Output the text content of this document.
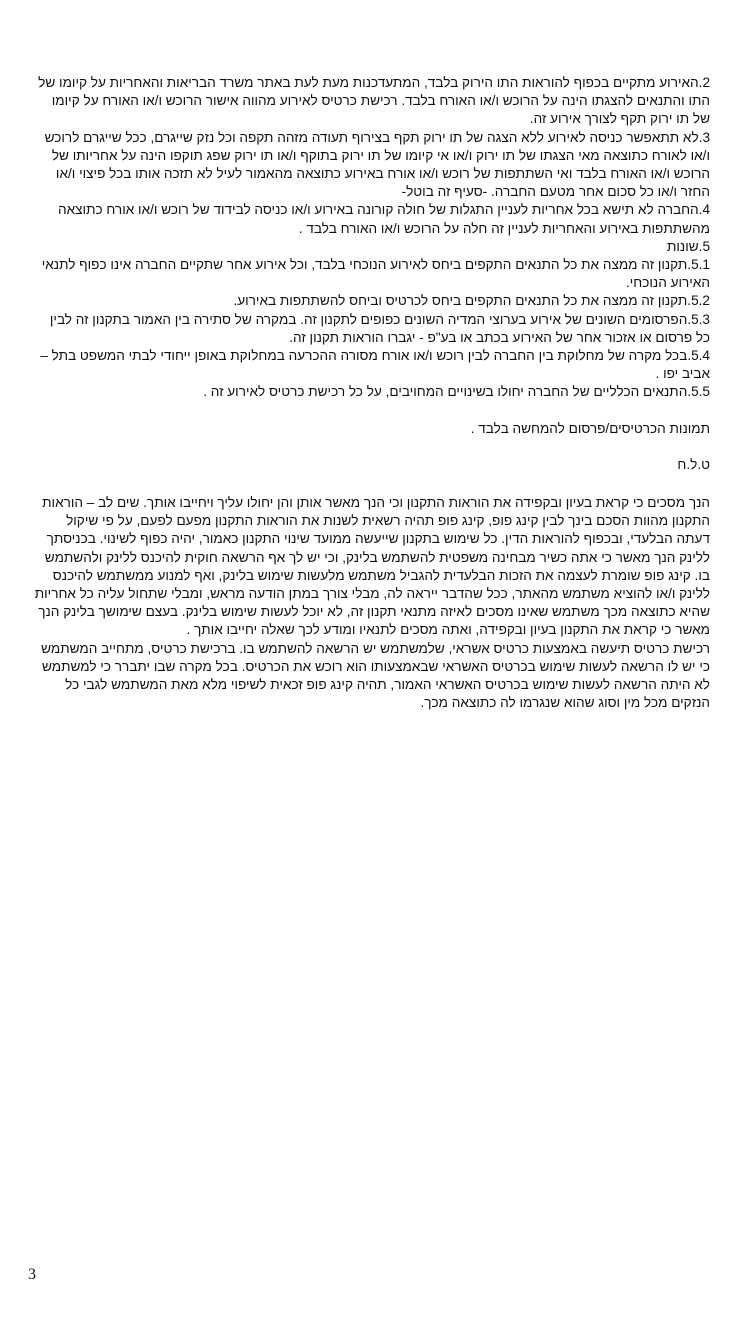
2.האירוע מתקיים בכפוף להוראות התו הירוק בלבד, המתעדכנות מעת לעת באתר משרד הבריאות והאחריות על קיומו של התו והתנאים להצגתו הינה על הרוכש ו/או האורח בלבד. רכישת כרטיס לאירוע מהווה אישור הרוכש ו/או האורח על קיומו של תו ירוק תקף לצורך אירוע זה.

3.לא תתאפשר כניסה לאירוע ללא הצגה של תו ירוק תקף בצירוף תעודה מזהה תקפה וכל נזק שייגרם, ככל שייגרם לרוכש ו/או לאורח כתוצאה מאי הצגתו של תו ירוק ו/או אי קיומו של תו ירוק בתוקף ו/או תו ירוק שפג תוקפו הינה על אחריותו של הרוכש ו/או האורח בלבד ואי השתתפות של רוכש ו/או אורח באירוע כתוצאה מהאמור לעיל לא תזכה אותו בכל פיצוי ו/או החזר ו/או כל סכום אחר מטעם החברה. -סעיף זה בוטל-

4.החברה לא תישא בכל אחריות לעניין התגלות של חולה קורונה באירוע ו/או כניסה לבידוד של רוכש ו/או אורח כתוצאה מהשתתפות באירוע והאחריות לעניין זה חלה על הרוכש ו/או האורח בלבד .

5.שונות

5.1.תקנון זה ממצה את כל התנאים התקפים ביחס לאירוע הנוכחי בלבד, וכל אירוע אחר שתקיים החברה אינו כפוף לתנאי האירוע הנוכחי.

5.2.תקנון זה ממצה את כל התנאים התקפים ביחס לכרטיס וביחס להשתתפות באירוע.

5.3.הפרסומים השונים של אירוע בערוצי המדיה השונים כפופים לתקנון זה. במקרה של סתירה בין האמור בתקנון זה לבין כל פרסום או אזכור אחר של האירוע בכתב או בע"פ - יגברו הוראות תקנון זה.

5.4.בכל מקרה של מחלוקת בין החברה לבין רוכש ו/או אורח מסורה ההכרעה במחלוקת באופן ייחודי לבתי המשפט בתל –אביב יפו .

5.5.התנאים הכלליים של החברה יחולו בשינויים המחויבים, על כל רכישת כרטיס לאירוע זה .

תמונות הכרטיסים/פרסום להמחשה בלבד .

ט.ל.ח

הנך מסכים כי קראת בעיון ובקפידה את הוראות התקנון וכי הנך מאשר אותן והן יחולו עליך ויחייבו אותך. שים לב – הוראות התקנון מהוות הסכם בינך לבין קינג פופ, קינג פופ תהיה רשאית לשנות את הוראות התקנון מפעם לפעם, על פי שיקול דעתה הבלעדי, ובכפוף להוראות הדין. כל שימוש בתקנון שייעשה ממועד שינוי התקנון כאמור, יהיה כפוף לשינוי. בכניסתך ללינק הנך מאשר כי אתה כשיר מבחינה משפטית להשתמש בלינק, וכי יש לך אף הרשאה חוקית להיכנס ללינק ולהשתמש בו. קינג פופ שומרת לעצמה את הזכות הבלעדית להגביל משתמש מלעשות שימוש בלינק, ואף למנוע ממשתמש להיכנס ללינק ו/או להוציא משתמש מהאתר, ככל שהדבר ייראה לה, מבלי צורך במתן הודעה מראש, ומבלי שתחול עליה כל אחריות שהיא כתוצאה מכך משתמש שאינו מסכים לאיזה מתנאי תקנון זה, לא יוכל לעשות שימוש בלינק. בעצם שימושך בלינק הנך מאשר כי קראת את התקנון בעיון ובקפידה, ואתה מסכים לתנאיו ומודע לכך שאלה יחייבו אותך .

רכישת כרטיס תיעשה באמצעות כרטיס אשראי, שלמשתמש יש הרשאה להשתמש בו. ברכישת כרטיס, מתחייב המשתמש כי יש לו הרשאה לעשות שימוש בכרטיס האשראי שבאמצעותו הוא רוכש את הכרטיס. בכל מקרה שבו יתברר כי למשתמש לא היתה הרשאה לעשות שימוש בכרטיס האשראי האמור, תהיה קינג פופ זכאית לשיפוי מלא מאת המשתמש לגבי כל הנזקים מכל מין וסוג שהוא שנגרמו לה כתוצאה מכך.

3
